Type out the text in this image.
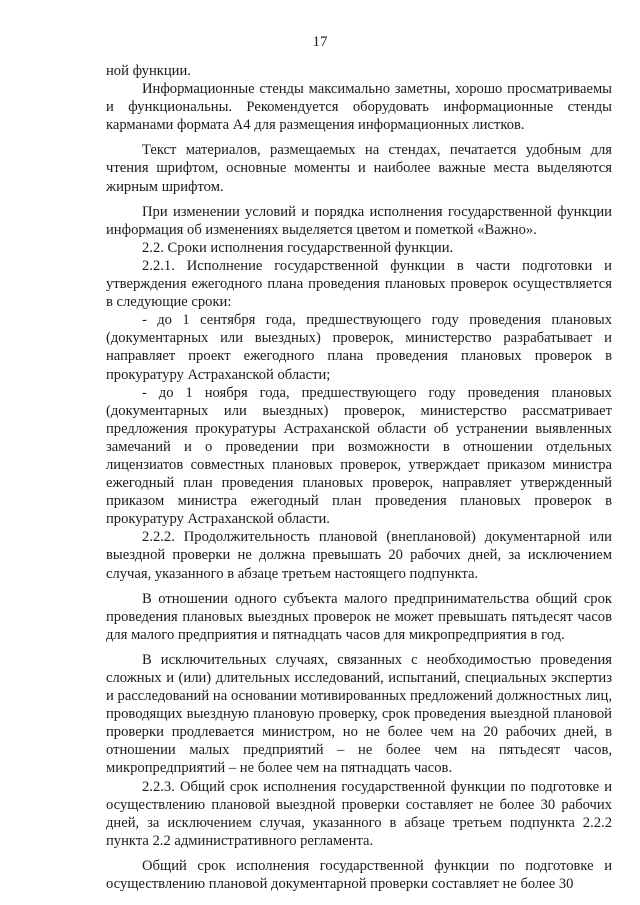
17

ной функции.

Информационные стенды максимально заметны, хорошо просматриваемы и функциональны. Рекомендуется оборудовать информационные стенды карманами формата А4 для размещения информационных листков.

Текст материалов, размещаемых на стендах, печатается удобным для чтения шрифтом, основные моменты и наиболее важные места выделяются жирным шрифтом.

При изменении условий и порядка исполнения государственной функции информация об изменениях выделяется цветом и пометкой «Важно».

2.2. Сроки исполнения государственной функции.

2.2.1. Исполнение государственной функции в части подготовки и утверждения ежегодного плана проведения плановых проверок осуществляется в следующие сроки:

- до 1 сентября года, предшествующего году проведения плановых (документарных или выездных) проверок, министерство разрабатывает и направляет проект ежегодного плана проведения плановых проверок в прокуратуру Астраханской области;

- до 1 ноября года, предшествующего году проведения плановых (документарных или выездных) проверок, министерство рассматривает предложения прокуратуры Астраханской области об устранении выявленных замечаний и о проведении при возможности в отношении отдельных лицензиатов совместных плановых проверок, утверждает приказом министра ежегодный план проведения плановых проверок, направляет утвержденный приказом министра ежегодный план проведения плановых проверок в прокуратуру Астраханской области.

2.2.2. Продолжительность плановой (внеплановой) документарной или выездной проверки не должна превышать 20 рабочих дней, за исключением случая, указанного в абзаце третьем настоящего подпункта.

В отношении одного субъекта малого предпринимательства общий срок проведения плановых выездных проверок не может превышать пятьдесят часов для малого предприятия и пятнадцать часов для микропредприятия в год.

В исключительных случаях, связанных с необходимостью проведения сложных и (или) длительных исследований, испытаний, специальных экспертиз и расследований на основании мотивированных предложений должностных лиц, проводящих выездную плановую проверку, срок проведения выездной плановой проверки продлевается министром, но не более чем на 20 рабочих дней, в отношении малых предприятий – не более чем на пятьдесят часов, микропредприятий – не более чем на пятнадцать часов.

2.2.3. Общий срок исполнения государственной функции по подготовке и осуществлению плановой выездной проверки составляет не более 30 рабочих дней, за исключением случая, указанного в абзаце третьем подпункта 2.2.2 пункта 2.2 административного регламента.

Общий срок исполнения государственной функции по подготовке и осуществлению плановой документарной проверки составляет не более 30
